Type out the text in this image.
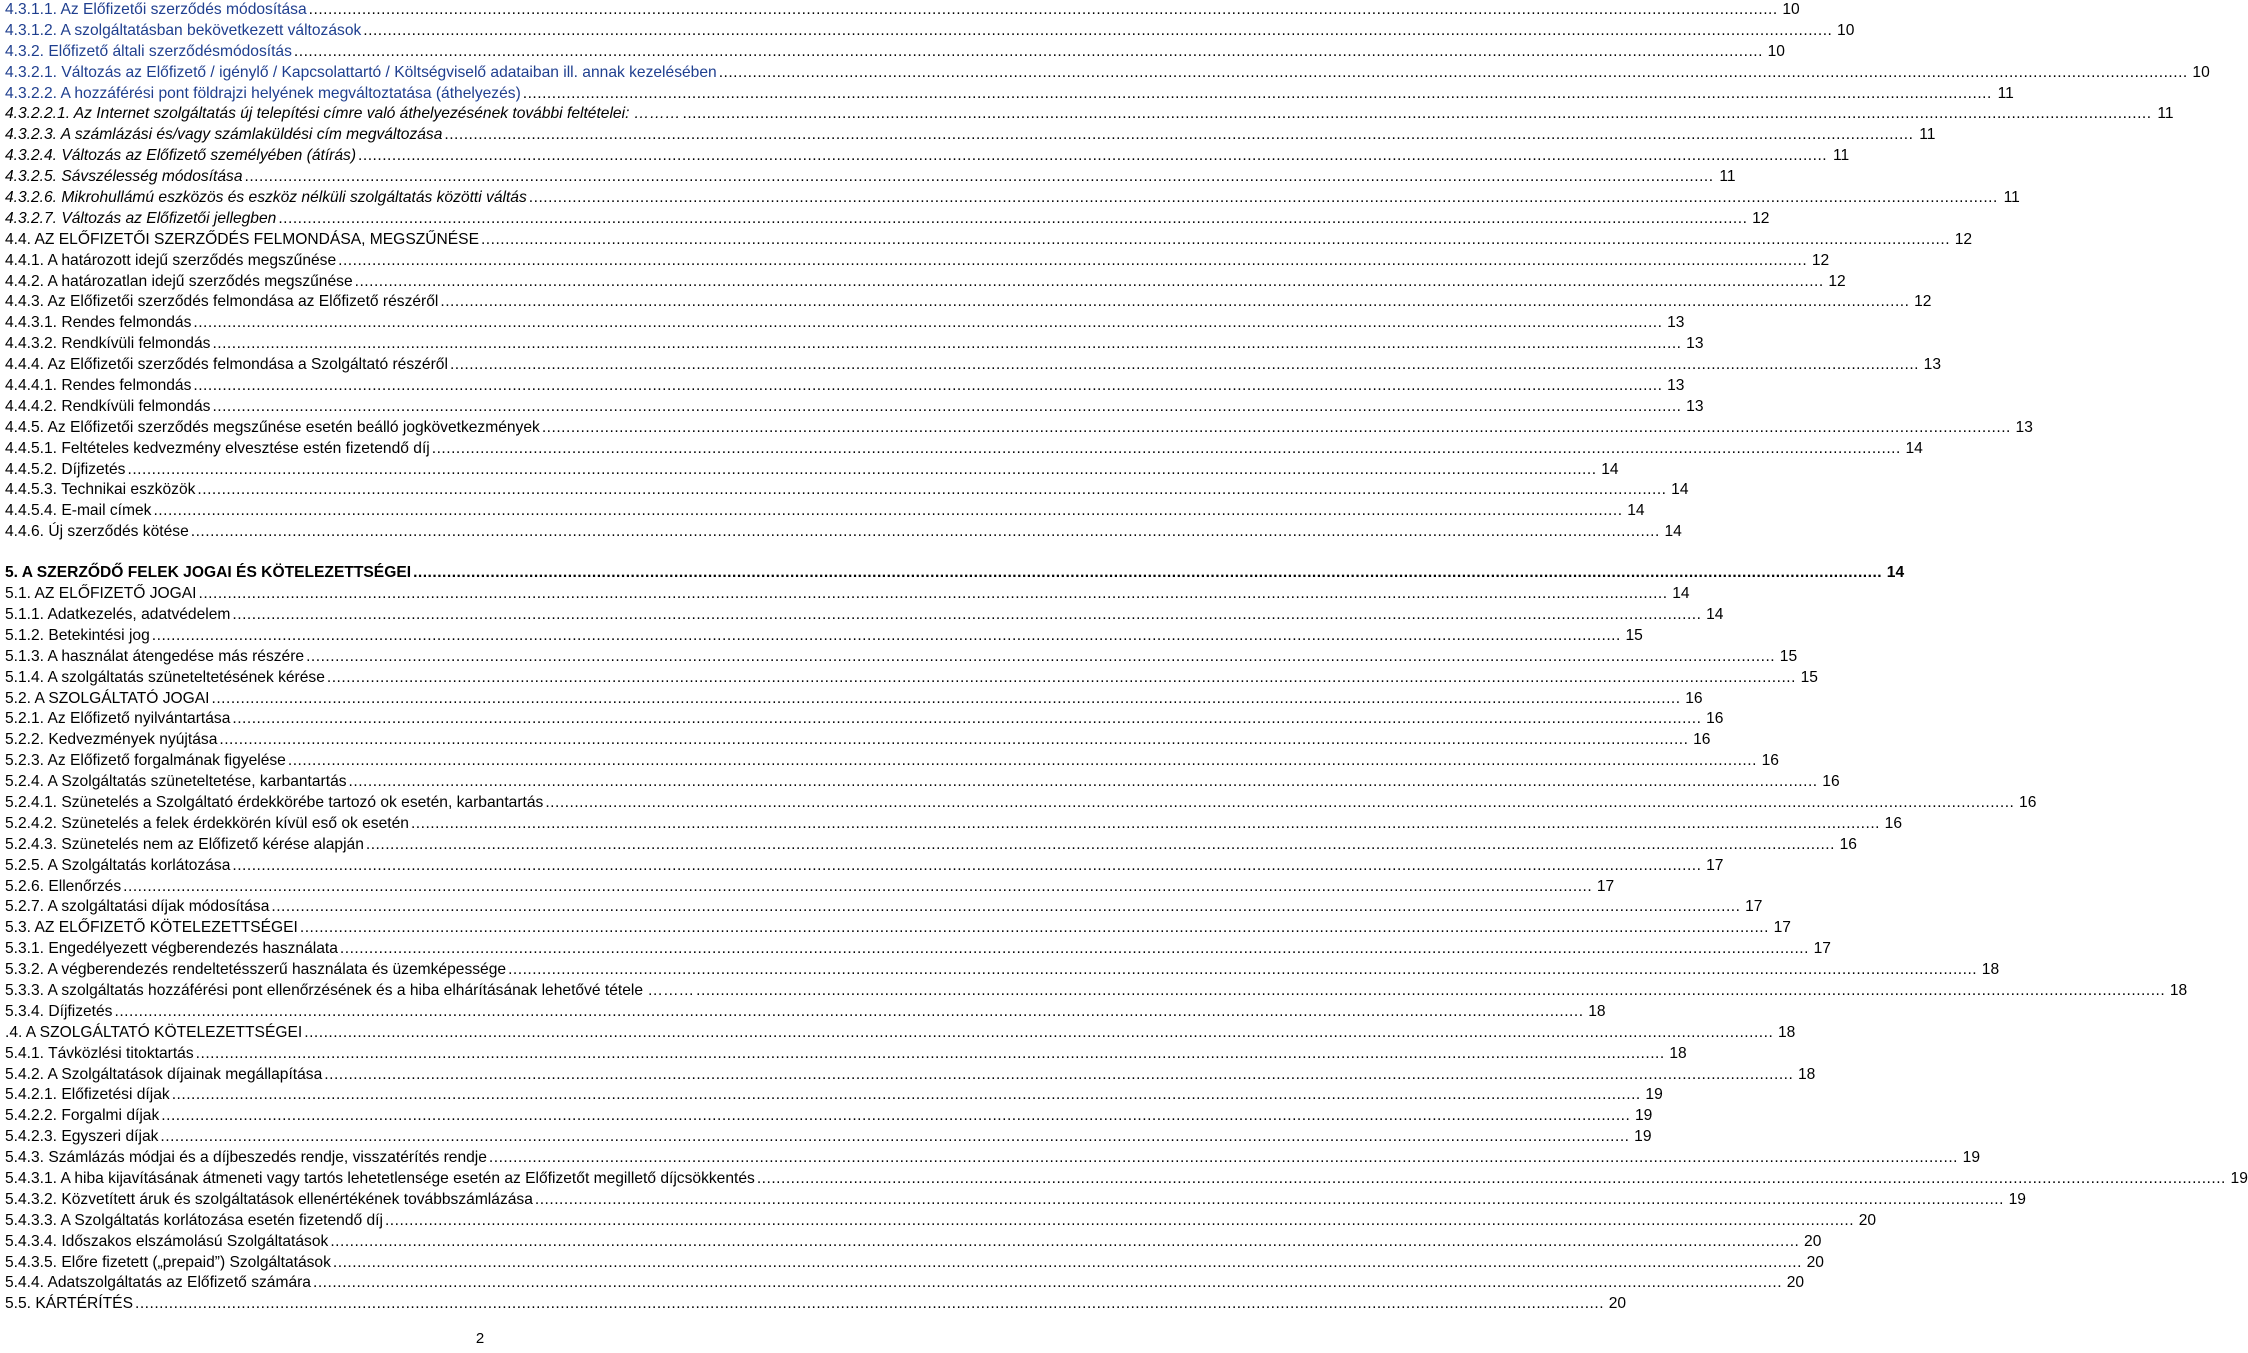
4.3.1.1. Az Előfizetői szerződés módosítása .....	10
4.3.1.2. A szolgáltatásban bekövetkezett változások .....	10
4.3.2. Előfizető általi szerződésmódosítás .....	10
4.3.2.1. Változás az Előfizető / igénylő / Kapcsolattartó / Költségviselő adataiban ill. annak kezelésében .....	10
4.3.2.2. A hozzáférési pont földrajzi helyének megváltoztatása (áthelyezés) .....	11
4.3.2.2.1. Az Internet szolgáltatás új telepítési címre való áthelyezésének további feltételei: ……… .....	11
4.3.2.3. A számlázási és/vagy számlaküldési cím megváltozása .....	11
4.3.2.4. Változás az Előfizető személyében (átírás) .....	11
4.3.2.5. Sávszélesség módosítása .....	11
4.3.2.6. Mikrohullámú eszközös és eszköz nélküli szolgáltatás közötti váltás .....	11
4.3.2.7. Változás az Előfizetői jellegben .....	12
4.4. AZ ELŐFIZETŐI SZERZŐDÉS FELMONDÁSA, MEGSZŰNÉSE .....	12
4.4.1. A határozott idejű szerződés megszűnése .....	12
4.4.2. A határozatlan idejű szerződés megszűnése .....	12
4.4.3. Az Előfizetői szerződés felmondása az Előfizető részéről .....	12
4.4.3.1. Rendes felmondás .....	13
4.4.3.2. Rendkívüli felmondás .....	13
4.4.4. Az Előfizetői szerződés felmondása a Szolgáltató részéről .....	13
4.4.4.1. Rendes felmondás .....	13
4.4.4.2. Rendkívüli felmondás .....	13
4.4.5. Az Előfizetői szerződés megszűnése esetén beálló jogkövetkezmények .....	13
4.4.5.1. Feltételes kedvezmény elvesztése estén fizetendő díj .....	14
4.4.5.2. Díjfizetés .....	14
4.4.5.3. Technikai eszközök .....	14
4.4.5.4. E-mail címek .....	14
4.4.6. Új szerződés kötése .....	14
5. A SZERZŐDŐ FELEK JOGAI ÉS KÖTELEZETTSÉGEI .....	14
5.1. AZ ELŐFIZETŐ JOGAI .....	14
5.1.1. Adatkezelés, adatvédelem .....	14
5.1.2. Betekintési jog .....	15
5.1.3. A használat átengedése más részére .....	15
5.1.4. A szolgáltatás szüneteltetésének kérése .....	15
5.2. A SZOLGÁLTATÓ JOGAI .....	16
5.2.1. Az Előfizető nyilvántartása .....	16
5.2.2. Kedvezmények nyújtása .....	16
5.2.3. Az Előfizető forgalmának figyelése .....	16
5.2.4. A Szolgáltatás szüneteltetése, karbantartás .....	16
5.2.4.1. Szünetelés a Szolgáltató érdekkörébe tartozó ok esetén, karbantartás .....	16
5.2.4.2. Szünetelés a felek érdekkörén kívül eső ok esetén .....	16
5.2.4.3. Szünetelés nem az Előfizető kérése alapján .....	16
5.2.5. A Szolgáltatás korlátozása .....	17
5.2.6. Ellenőrzés .....	17
5.2.7. A szolgáltatási díjak módosítása .....	17
5.3. AZ ELŐFIZETŐ KÖTELEZETTSÉGEI .....	17
5.3.1. Engedélyezett végberendezés használata .....	17
5.3.2. A végberendezés rendeltetésszerű használata és üzemképessége .....	18
5.3.3. A szolgáltatás hozzáférési pont ellenőrzésének és a hiba elhárításának lehetővé tétele ……… .....	18
5.3.4. Díjfizetés .....	18
.4. A SZOLGÁLTATÓ KÖTELEZETTSÉGEI .....	18
5.4.1. Távközlési titoktartás .....	18
5.4.2. A Szolgáltatások díjainak megállapítása .....	18
5.4.2.1. Előfizetési díjak .....	19
5.4.2.2. Forgalmi díjak .....	19
5.4.2.3. Egyszeri díjak .....	19
5.4.3. Számlázás módjai és a díjbeszedés rendje, visszatérítés rendje .....	19
5.4.3.1. A hiba kijavításának átmeneti vagy tartós lehetetlensége esetén az Előfizetőt megillető díjcsökkentés .....	19
5.4.3.2. Közvetített áruk és szolgáltatások ellenértékének továbbszámlázása .....	19
5.4.3.3. A Szolgáltatás korlátozása esetén fizetendő díj .....	20
5.4.3.4. Időszakos elszámolású Szolgáltatások .....	20
5.4.3.5. Előre fizetett („prepaid”) Szolgáltatások .....	20
5.4.4. Adatszolgáltatás az Előfizető számára .....	20
5.5. KÁRTÉRÍTÉS .....	20
2
